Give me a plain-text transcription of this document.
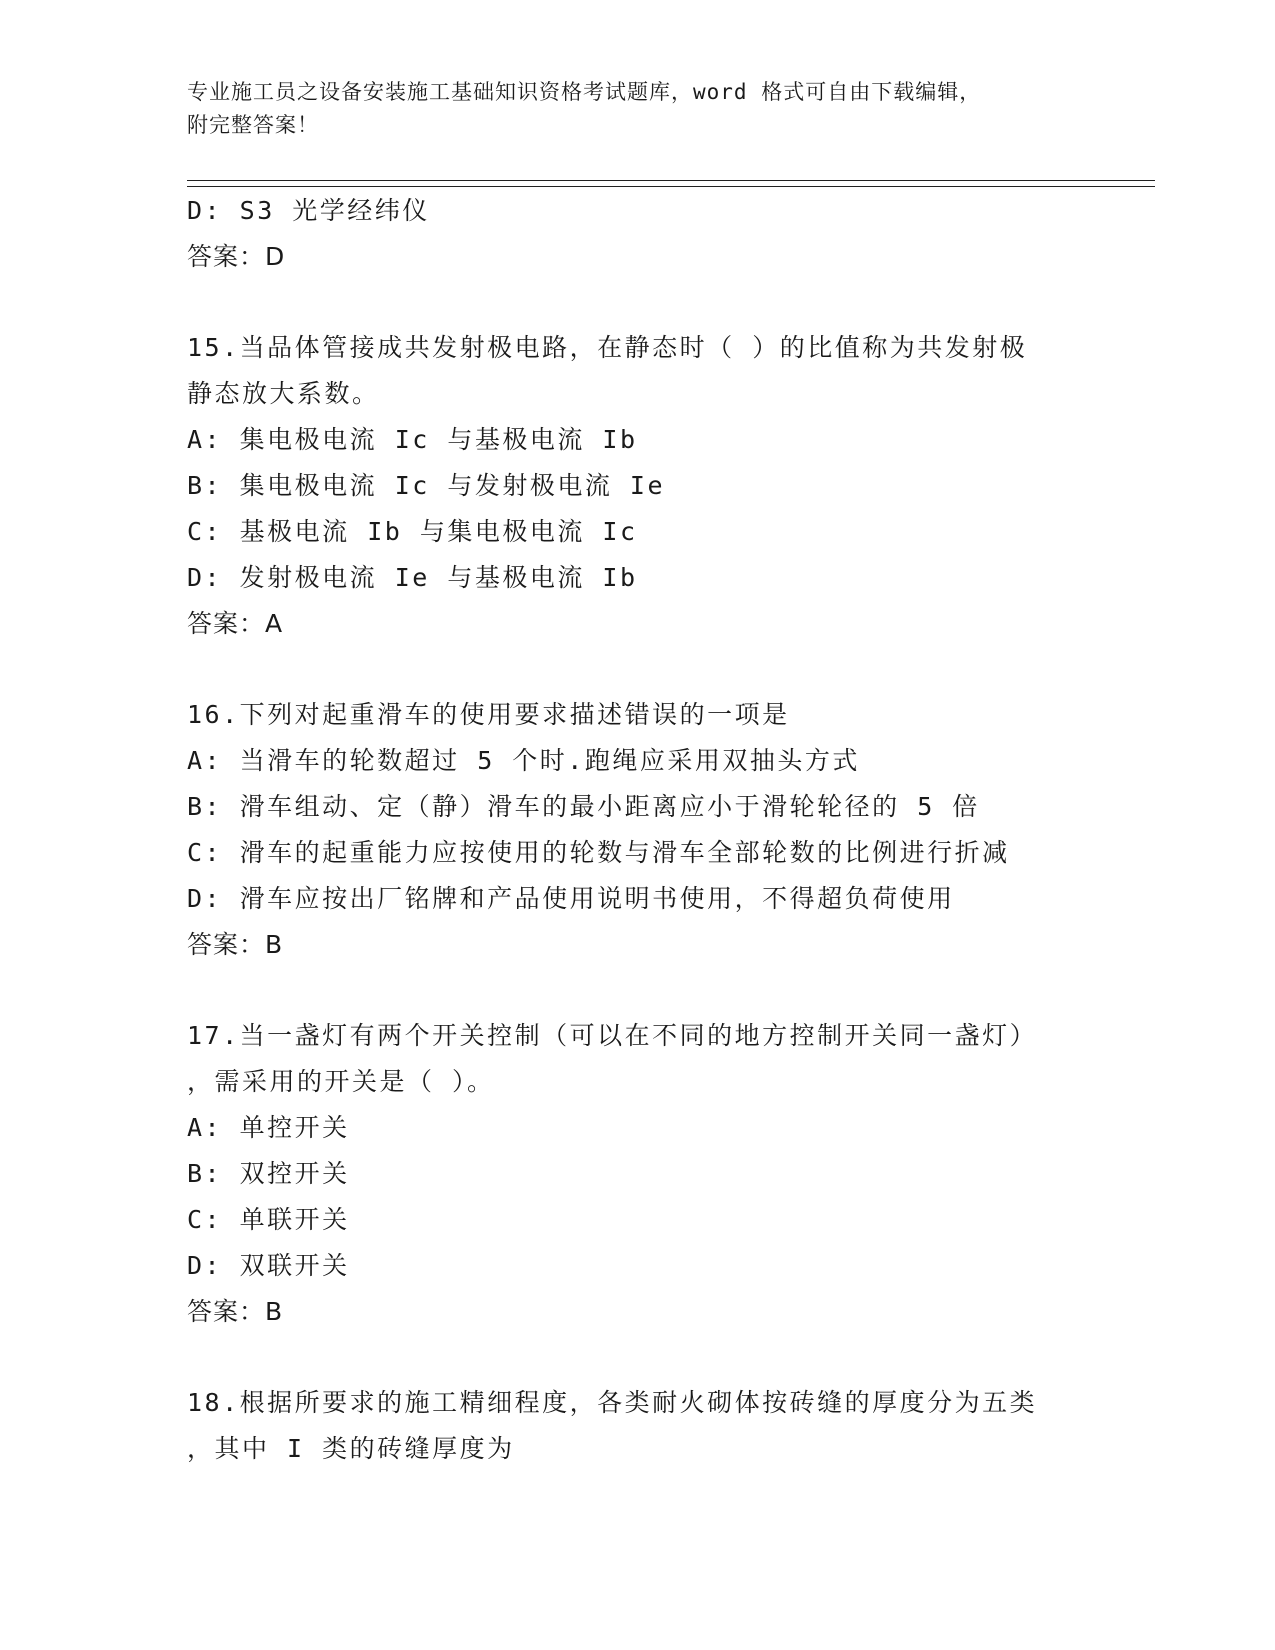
专业施工员之设备安装施工基础知识资格考试题库，word 格式可自由下载编辑，
附完整答案！
D: S3 光学经纬仪
答案：D
15.当品体管接成共发射极电路，在静态时（ ）的比值称为共发射极
静态放大系数。
A: 集电极电流 Ic 与基极电流 Ib
B: 集电极电流 Ic 与发射极电流 Ie
C: 基极电流 Ib 与集电极电流 Ic
D: 发射极电流 Ie 与基极电流 Ib
答案：A
16.下列对起重滑车的使用要求描述错误的一项是
A: 当滑车的轮数超过 5 个时.跑绳应采用双抽头方式
B: 滑车组动、定（静）滑车的最小距离应小于滑轮轮径的 5 倍
C: 滑车的起重能力应按使用的轮数与滑车全部轮数的比例进行折减
D: 滑车应按出厂铭牌和产品使用说明书使用，不得超负荷使用
答案：B
17.当一盏灯有两个开关控制（可以在不同的地方控制开关同一盏灯）
，需采用的开关是（ ）。
A: 单控开关
B: 双控开关
C: 单联开关
D: 双联开关
答案：B
18.根据所要求的施工精细程度，各类耐火砌体按砖缝的厚度分为五类
，其中 I 类的砖缝厚度为
